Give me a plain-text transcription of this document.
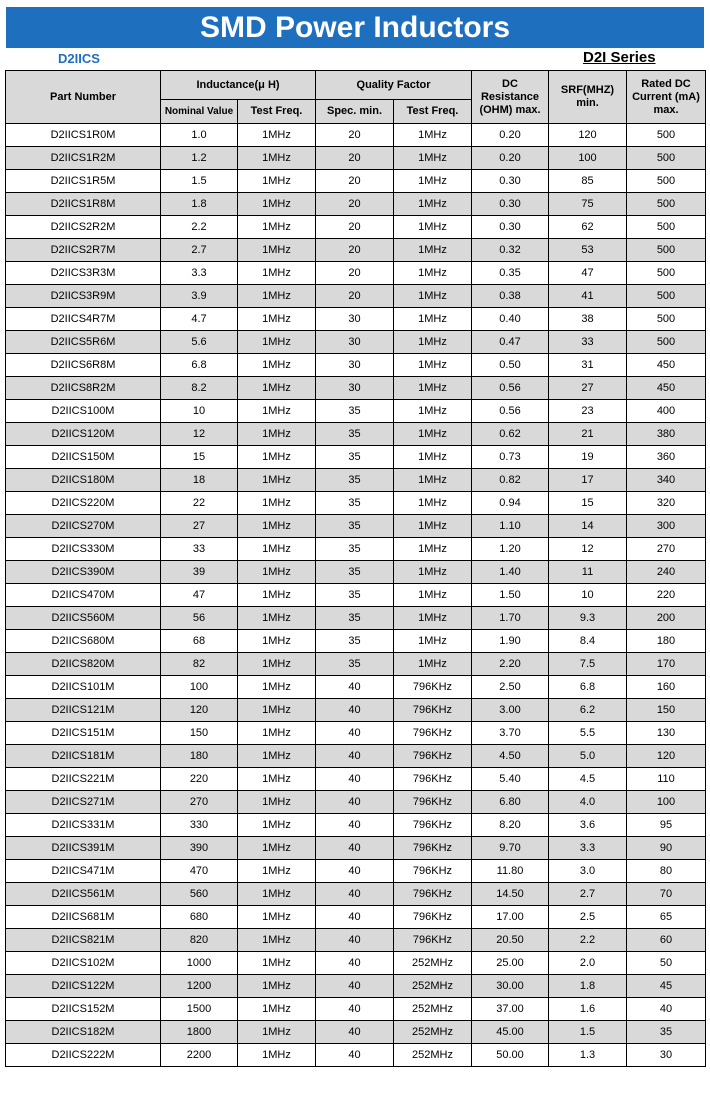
SMD Power Inductors
D2IICS	D2I Series
Part Number	Inductance(μ H)		Quality Factor		DC Resistance (OHM) max.	SRF(MHZ) min.	Rated DC Current (mA) max.
	Nominal Value	Test Freq.	Spec. min.	Test Freq.			
D2IICS1R0M	1.0	1MHz	20	1MHz	0.20	120	500
D2IICS1R2M	1.2	1MHz	20	1MHz	0.20	100	500
D2IICS1R5M	1.5	1MHz	20	1MHz	0.30	85	500
D2IICS1R8M	1.8	1MHz	20	1MHz	0.30	75	500
D2IICS2R2M	2.2	1MHz	20	1MHz	0.30	62	500
D2IICS2R7M	2.7	1MHz	20	1MHz	0.32	53	500
D2IICS3R3M	3.3	1MHz	20	1MHz	0.35	47	500
D2IICS3R9M	3.9	1MHz	20	1MHz	0.38	41	500
D2IICS4R7M	4.7	1MHz	30	1MHz	0.40	38	500
D2IICS5R6M	5.6	1MHz	30	1MHz	0.47	33	500
D2IICS6R8M	6.8	1MHz	30	1MHz	0.50	31	450
D2IICS8R2M	8.2	1MHz	30	1MHz	0.56	27	450
D2IICS100M	10	1MHz	35	1MHz	0.56	23	400
D2IICS120M	12	1MHz	35	1MHz	0.62	21	380
D2IICS150M	15	1MHz	35	1MHz	0.73	19	360
D2IICS180M	18	1MHz	35	1MHz	0.82	17	340
D2IICS220M	22	1MHz	35	1MHz	0.94	15	320
D2IICS270M	27	1MHz	35	1MHz	1.10	14	300
D2IICS330M	33	1MHz	35	1MHz	1.20	12	270
D2IICS390M	39	1MHz	35	1MHz	1.40	11	240
D2IICS470M	47	1MHz	35	1MHz	1.50	10	220
D2IICS560M	56	1MHz	35	1MHz	1.70	9.3	200
D2IICS680M	68	1MHz	35	1MHz	1.90	8.4	180
D2IICS820M	82	1MHz	35	1MHz	2.20	7.5	170
D2IICS101M	100	1MHz	40	796KHz	2.50	6.8	160
D2IICS121M	120	1MHz	40	796KHz	3.00	6.2	150
D2IICS151M	150	1MHz	40	796KHz	3.70	5.5	130
D2IICS181M	180	1MHz	40	796KHz	4.50	5.0	120
D2IICS221M	220	1MHz	40	796KHz	5.40	4.5	110
D2IICS271M	270	1MHz	40	796KHz	6.80	4.0	100
D2IICS331M	330	1MHz	40	796KHz	8.20	3.6	95
D2IICS391M	390	1MHz	40	796KHz	9.70	3.3	90
D2IICS471M	470	1MHz	40	796KHz	11.80	3.0	80
D2IICS561M	560	1MHz	40	796KHz	14.50	2.7	70
D2IICS681M	680	1MHz	40	796KHz	17.00	2.5	65
D2IICS821M	820	1MHz	40	796KHz	20.50	2.2	60
D2IICS102M	1000	1MHz	40	252MHz	25.00	2.0	50
D2IICS122M	1200	1MHz	40	252MHz	30.00	1.8	45
D2IICS152M	1500	1MHz	40	252MHz	37.00	1.6	40
D2IICS182M	1800	1MHz	40	252MHz	45.00	1.5	35
D2IICS222M	2200	1MHz	40	252MHz	50.00	1.3	30
